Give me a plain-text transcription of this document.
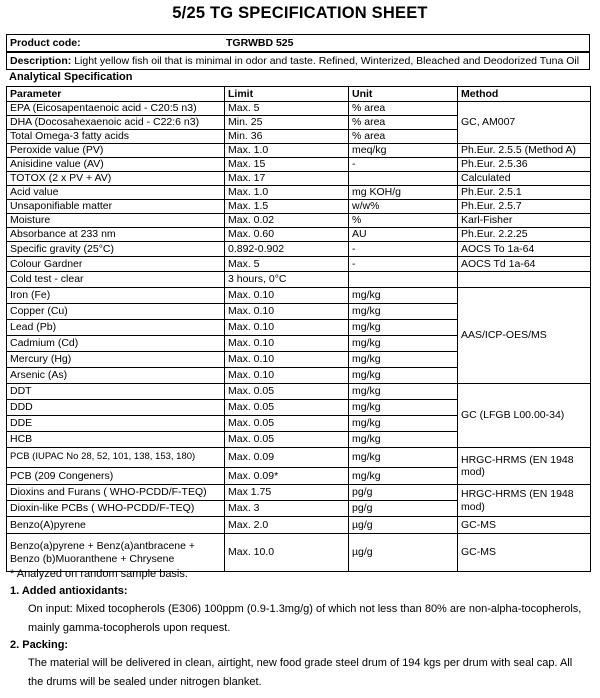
5/25 TG SPECIFICATION SHEET
Product code:	TGRWBD 525
Description: Light yellow fish oil that is minimal in odor and taste. Refined, Winterized, Bleached and Deodorized Tuna Oil
Analytical Specification
Parameter	Limit	Unit	Method
EPA (Eicosapentaenoic acid - C20:5 n3)	Max. 5	% area	GC, AM007
DHA (Docosahexaenoic acid - C22:6 n3)	Min. 25	% area	
Total Omega-3 fatty acids	Min. 36	% area	
Peroxide value (PV)	Max. 1.0	meq/kg	Ph.Eur. 2.5.5 (Method A)
Anisidine value (AV)	Max. 15	-	Ph.Eur. 2.5.36
TOTOX (2 x PV + AV)	Max. 17		Calculated
Acid value	Max. 1.0	mg KOH/g	Ph.Eur. 2.5.1
Unsaponifiable matter	Max. 1.5	w/w%	Ph.Eur. 2.5.7
Moisture	Max. 0.02	%	Karl-Fisher
Absorbance at 233 nm	Max. 0.60	AU	Ph.Eur. 2.2.25
Specific gravity (25°C)	0.892-0.902	-	AOCS To 1a-64
Colour Gardner	Max. 5	-	AOCS Td 1a-64
Cold test - clear	3 hours, 0°C		
Iron (Fe)	Max. 0.10	mg/kg	AAS/ICP-OES/MS
Copper (Cu)	Max. 0.10	mg/kg	
Lead (Pb)	Max. 0.10	mg/kg	
Cadmium (Cd)	Max. 0.10	mg/kg	
Mercury (Hg)	Max. 0.10	mg/kg	
Arsenic (As)	Max. 0.10	mg/kg	
DDT	Max. 0.05	mg/kg	GC (LFGB L00.00-34)
DDD	Max. 0.05	mg/kg	
DDE	Max. 0.05	mg/kg	
HCB	Max. 0.05	mg/kg	
PCB (IUPAC No 28, 52, 101, 138, 153, 180)	Max. 0.09	mg/kg	HRGC-HRMS (EN 1948 mod)
PCB (209 Congeners)	Max. 0.09*	mg/kg	
Dioxins and Furans ( WHO-PCDD/F-TEQ)	Max 1.75	pg/g	HRGC-HRMS (EN 1948 mod)
Dioxin-like PCBs ( WHO-PCDD/F-TEQ)	Max. 3	pg/g	
Benzo(A)pyrene	Max. 2.0	µg/g	GC-MS
Benzo(a)pyrene + Benz(a)antbracene + Benzo (b)Muoranthene + Chrysene	Max. 10.0	µg/g	GC-MS
* Analyzed on random sample basis.
1. Added antioxidants:
On input: Mixed tocopherols (E306) 100ppm (0.9-1.3mg/g) of which not less than 80% are non-alpha-tocopherols, mainly gamma-tocopherols upon request.
2. Packing:
The material will be delivered in clean, airtight, new food grade steel drum of 194 kgs per drum with seal cap. All the drums will be sealed under nitrogen blanket.
